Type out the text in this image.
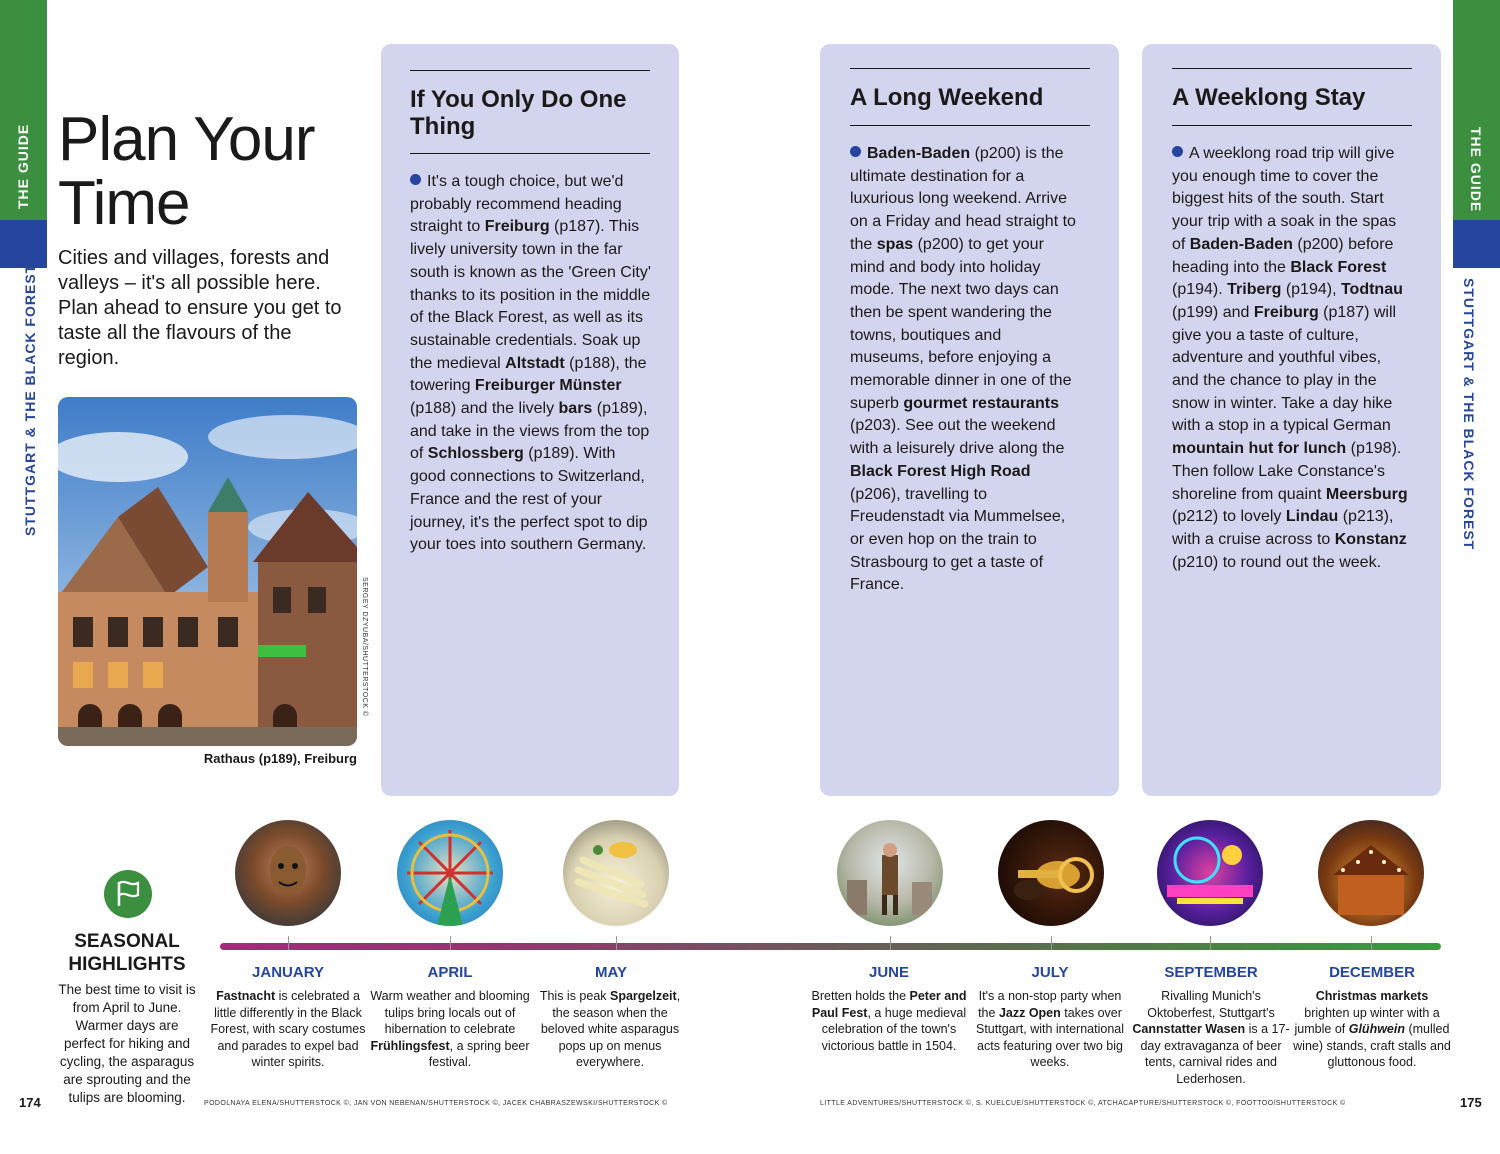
THE GUIDE
STUTTGART & THE BLACK FOREST
THE GUIDE
STUTTGART & THE BLACK FOREST
Plan Your Time
Cities and villages, forests and valleys – it's all possible here. Plan ahead to ensure you get to taste all the flavours of the region.
Rathaus (p189), Freiburg
SERGEY DZYUBA/SHUTTERSTOCK ©
If You Only Do One Thing
It's a tough choice, but we'd probably recommend heading straight to Freiburg (p187). This lively university town in the far south is known as the 'Green City' thanks to its position in the middle of the Black Forest, as well as its sustainable credentials. Soak up the medieval Altstadt (p188), the towering Freiburger Münster (p188) and the lively bars (p189), and take in the views from the top of Schlossberg (p189). With good connections to Switzerland, France and the rest of your journey, it's the perfect spot to dip your toes into southern Germany.
A Long Weekend
Baden-Baden (p200) is the ultimate destination for a luxurious long weekend. Arrive on a Friday and head straight to the spas (p200) to get your mind and body into holiday mode. The next two days can then be spent wandering the towns, boutiques and museums, before enjoying a memorable dinner in one of the superb gourmet restaurants (p203). See out the weekend with a leisurely drive along the Black Forest High Road (p206), travelling to Freudenstadt via Mummelsee, or even hop on the train to Strasbourg to get a taste of France.
A Weeklong Stay
A weeklong road trip will give you enough time to cover the biggest hits of the south. Start your trip with a soak in the spas of Baden-Baden (p200) before heading into the Black Forest (p194). Triberg (p194), Todtnau (p199) and Freiburg (p187) will give you a taste of culture, adventure and youthful vibes, and the chance to play in the snow in winter. Take a day hike with a stop in a typical German mountain hut for lunch (p198). Then follow Lake Constance's shoreline from quaint Meersburg (p212) to lovely Lindau (p213), with a cruise across to Konstanz (p210) to round out the week.
SEASONAL HIGHLIGHTS
The best time to visit is from April to June. Warmer days are perfect for hiking and cycling, the asparagus are sprouting and the tulips are blooming.
JANUARY
Fastnacht is celebrated a little differently in the Black Forest, with scary costumes and parades to expel bad winter spirits.
APRIL
Warm weather and blooming tulips bring locals out of hibernation to celebrate Frühlingsfest, a spring beer festival.
MAY
This is peak Spargelzeit, the season when the beloved white asparagus pops up on menus everywhere.
JUNE
Bretten holds the Peter and Paul Fest, a huge medieval celebration of the town's victorious battle in 1504.
JULY
It's a non-stop party when the Jazz Open takes over Stuttgart, with international acts featuring over two big weeks.
SEPTEMBER
Rivalling Munich's Oktoberfest, Stuttgart's Cannstatter Wasen is a 17-day extravaganza of beer tents, carnival rides and Lederhosen.
DECEMBER
Christmas markets brighten up winter with a jumble of Glühwein (mulled wine) stands, craft stalls and gluttonous food.
174	175
PODOLNAYA ELENA/SHUTTERSTOCK ©, JAN VON NEBENAN/SHUTTERSTOCK ©, JACEK CHABRASZEWSKI/SHUTTERSTOCK ©	LITTLE ADVENTURES/SHUTTERSTOCK ©, S. KUELCUE/SHUTTERSTOCK ©, ATCHACAPTURE/SHUTTERSTOCK ©, FOOTTOO/SHUTTERSTOCK ©
